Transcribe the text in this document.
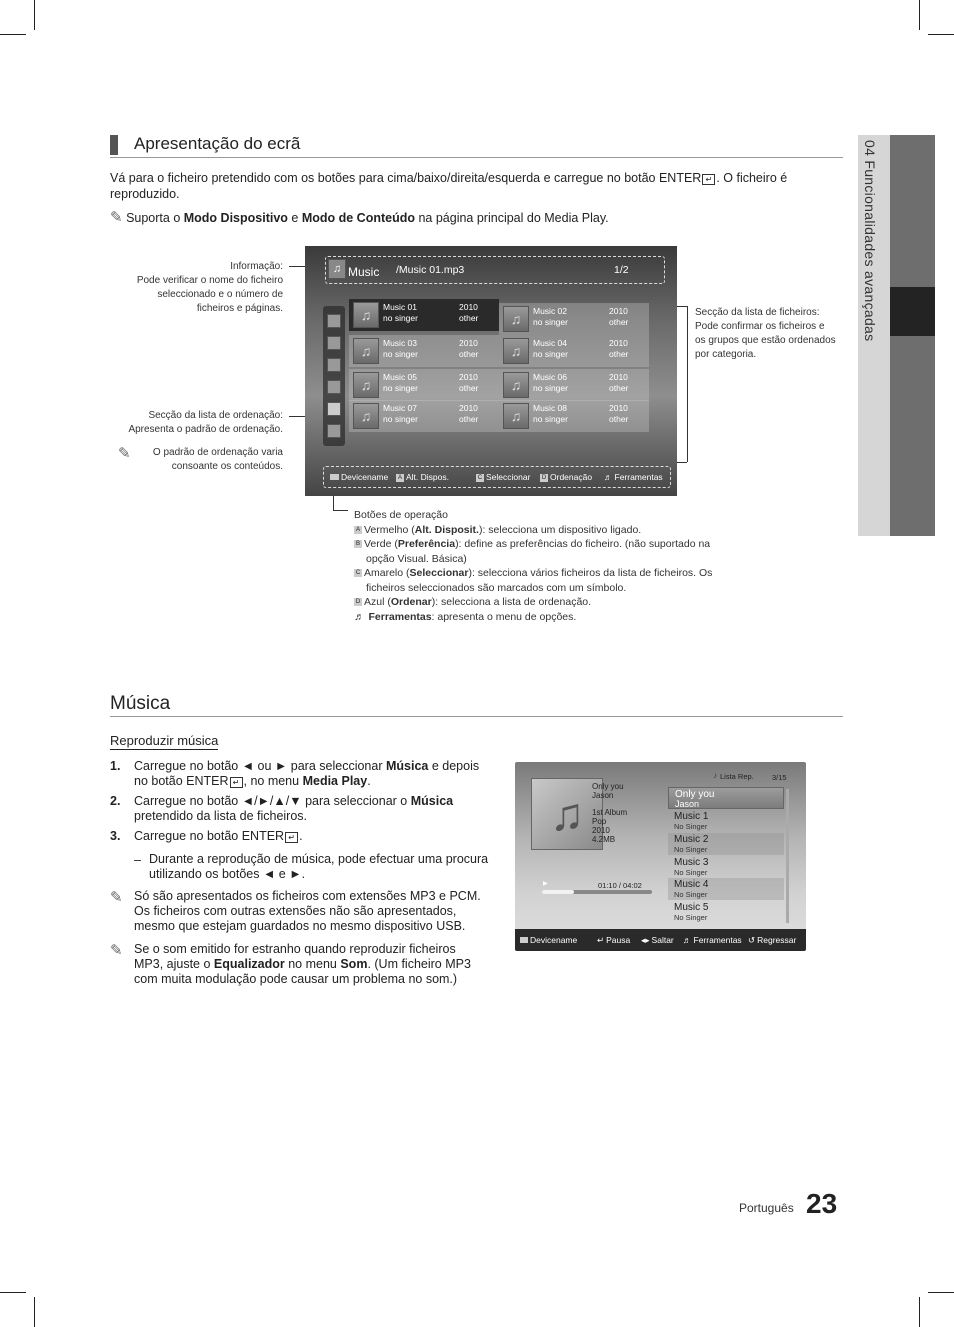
04 Funcionalidades avançadas
Apresentação do ecrã
Vá para o ficheiro pretendido com os botões para cima/baixo/direita/esquerda e carregue no botão ENTER ↵ . O ficheiro é
reproduzido.
✎ Suporta o Modo Dispositivo e Modo de Conteúdo na página principal do Media Play.
Informação:
Pode verificar o nome do ficheiro
seleccionado e o número de
ficheiros e páginas.
Secção da lista de ordenação:
Apresenta o padrão de ordenação.
✎	O padrão de ordenação varia
consoante os conteúdos.
Secção da lista de ficheiros:
Pode confirmar os ficheiros e
os grupos que estão ordenados
por categoria.
♫ Music /Music 01.mp3	1/2
♫	Music 01
no singer
2010
other	♫	Music 02
no singer
2010
other
♫	Music 03
no singer
2010
other	♫	Music 04
no singer
2010
other
♫	Music 05
no singer
2010
other	♫	Music 06
no singer
2010
other
♫	Music 07
no singer
2010
other	♫	Music 08
no singer
2010
other
Devicename	A Alt. Dispos.	C Seleccionar	D Ordenação ♬ Ferramentas
Botões de operação
A Vermelho (Alt. Disposit.): selecciona um dispositivo ligado.
B Verde (Preferência): define as preferências do ficheiro. (não suportado na
opção Visual. Básica)
C Amarelo (Seleccionar): selecciona vários ficheiros da lista de ficheiros. Os
ficheiros seleccionados são marcados com um símbolo.
D Azul (Ordenar): selecciona a lista de ordenação.
♬ Ferramentas: apresenta o menu de opções.
Música
Reproduzir música
1. Carregue no botão ◄ ou ► para seleccionar Música e depois
no botão ENTER ↵ , no menu Media Play.
2. Carregue no botão ◄/►/▲/▼ para seleccionar o Música
pretendido da lista de ficheiros.
3. Carregue no botão ENTER ↵ .
– Durante a reprodução de música, pode efectuar uma procura
utilizando os botões ◄ e ►.
✎ Só são apresentados os ficheiros com extensões MP3 e PCM.
Os ficheiros com outras extensões não são apresentados,
mesmo que estejam guardados no mesmo dispositivo USB.
✎ Se o som emitido for estranho quando reproduzir ficheiros
MP3, ajuste o Equalizador no menu Som. (Um ficheiro MP3
com muita modulação pode causar um problema no som.)
♫
Only you
Jason
1st Album
Pop
2010
4.2MB
♪ Lista Rep. 3/15
▶	01:10 / 04:02
Only you
Jason
Music 1
No Singer
Music 2
No Singer
Music 3
No Singer
Music 4
No Singer
Music 5
No Singer
Devicename ↵ Pausa ◂▸ Saltar ♬ Ferramentas ↺ Regressar
Português 23
